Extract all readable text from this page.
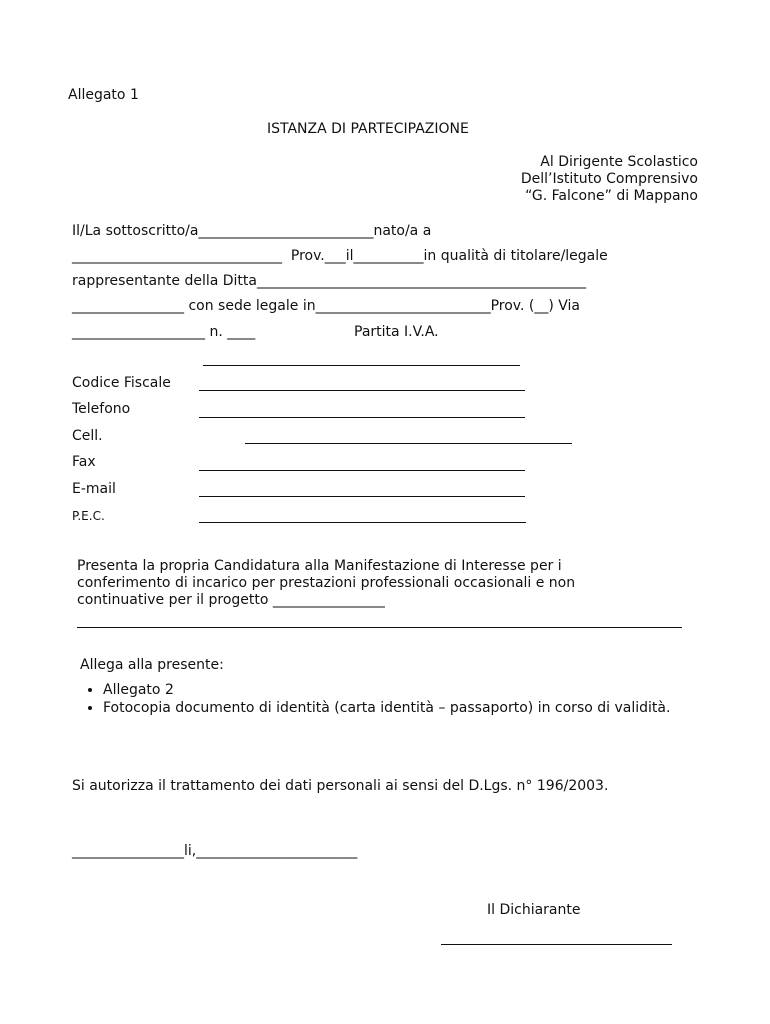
Allegato 1
ISTANZA DI PARTECIPAZIONE
Al Dirigente Scolastico
Dell’Istituto Comprensivo
“G. Falcone” di Mappano
Il/La sottoscritto/a_________________________nato/a a
______________________________  Prov.___il__________in qualità di titolare/legale
rappresentante della Ditta_______________________________________________
________________ con sede legale in_________________________Prov. (__) Via
___________________ n. ____	Partita I.V.A.
Codice Fiscale
Telefono
Cell.
Fax
E-mail
P.E.C.
Presenta la propria Candidatura alla Manifestazione di Interesse per i
conferimento di incarico per prestazioni professionali occasionali e non
continuative per il progetto ________________
Allega alla presente:
• Allegato 2
• Fotocopia documento di identità (carta identità – passaporto) in corso di validità.
Si autorizza il trattamento dei dati personali ai sensi del D.Lgs. n° 196/2003.
________________li,_______________________
Il Dichiarante
